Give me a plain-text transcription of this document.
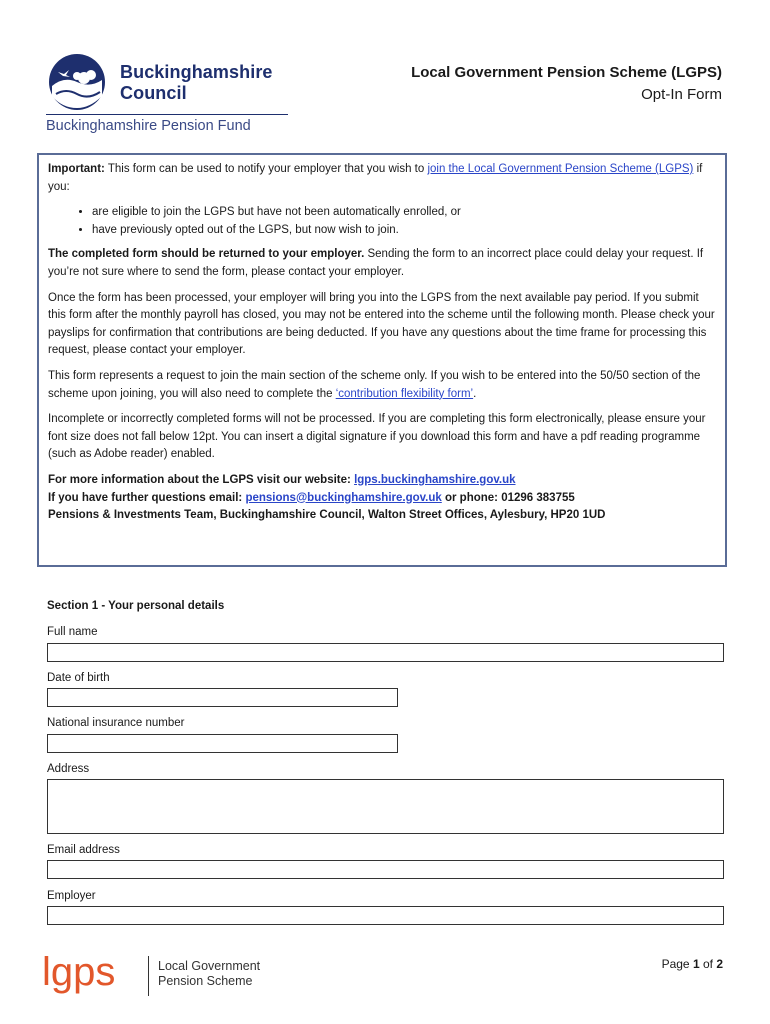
Buckinghamshire
Council
Buckinghamshire Pension Fund
Local Government Pension Scheme (LGPS)
Opt-In Form

Important: This form can be used to notify your employer that you wish to join the Local Government Pension Scheme (LGPS) if you:

• are eligible to join the LGPS but have not been automatically enrolled, or
• have previously opted out of the LGPS, but now wish to join.

The completed form should be returned to your employer. Sending the form to an incorrect place could delay your request. If you’re not sure where to send the form, please contact your employer.

Once the form has been processed, your employer will bring you into the LGPS from the next available pay period. If you submit this form after the monthly payroll has closed, you may not be entered into the scheme until the following month. Please check your payslips for confirmation that contributions are being deducted. If you have any questions about the time frame for processing this request, please contact your employer.

This form represents a request to join the main section of the scheme only. If you wish to be entered into the 50/50 section of the scheme upon joining, you will also need to complete the ‘contribution flexibility form’.

Incomplete or incorrectly completed forms will not be processed. If you are completing this form electronically, please ensure your font size does not fall below 12pt. You can insert a digital signature if you download this form and have a pdf reading programme (such as Adobe reader) enabled.

For more information about the LGPS visit our website: lgps.buckinghamshire.gov.uk
If you have further questions email: pensions@buckinghamshire.gov.uk or phone: 01296 383755
Pensions & Investments Team, Buckinghamshire Council, Walton Street Offices, Aylesbury, HP20 1UD
Section 1 - Your personal details
Full name
Date of birth
National insurance number
Address
Email address
Employer
lgps	Local Government
Pension Scheme
Page 1 of 2
